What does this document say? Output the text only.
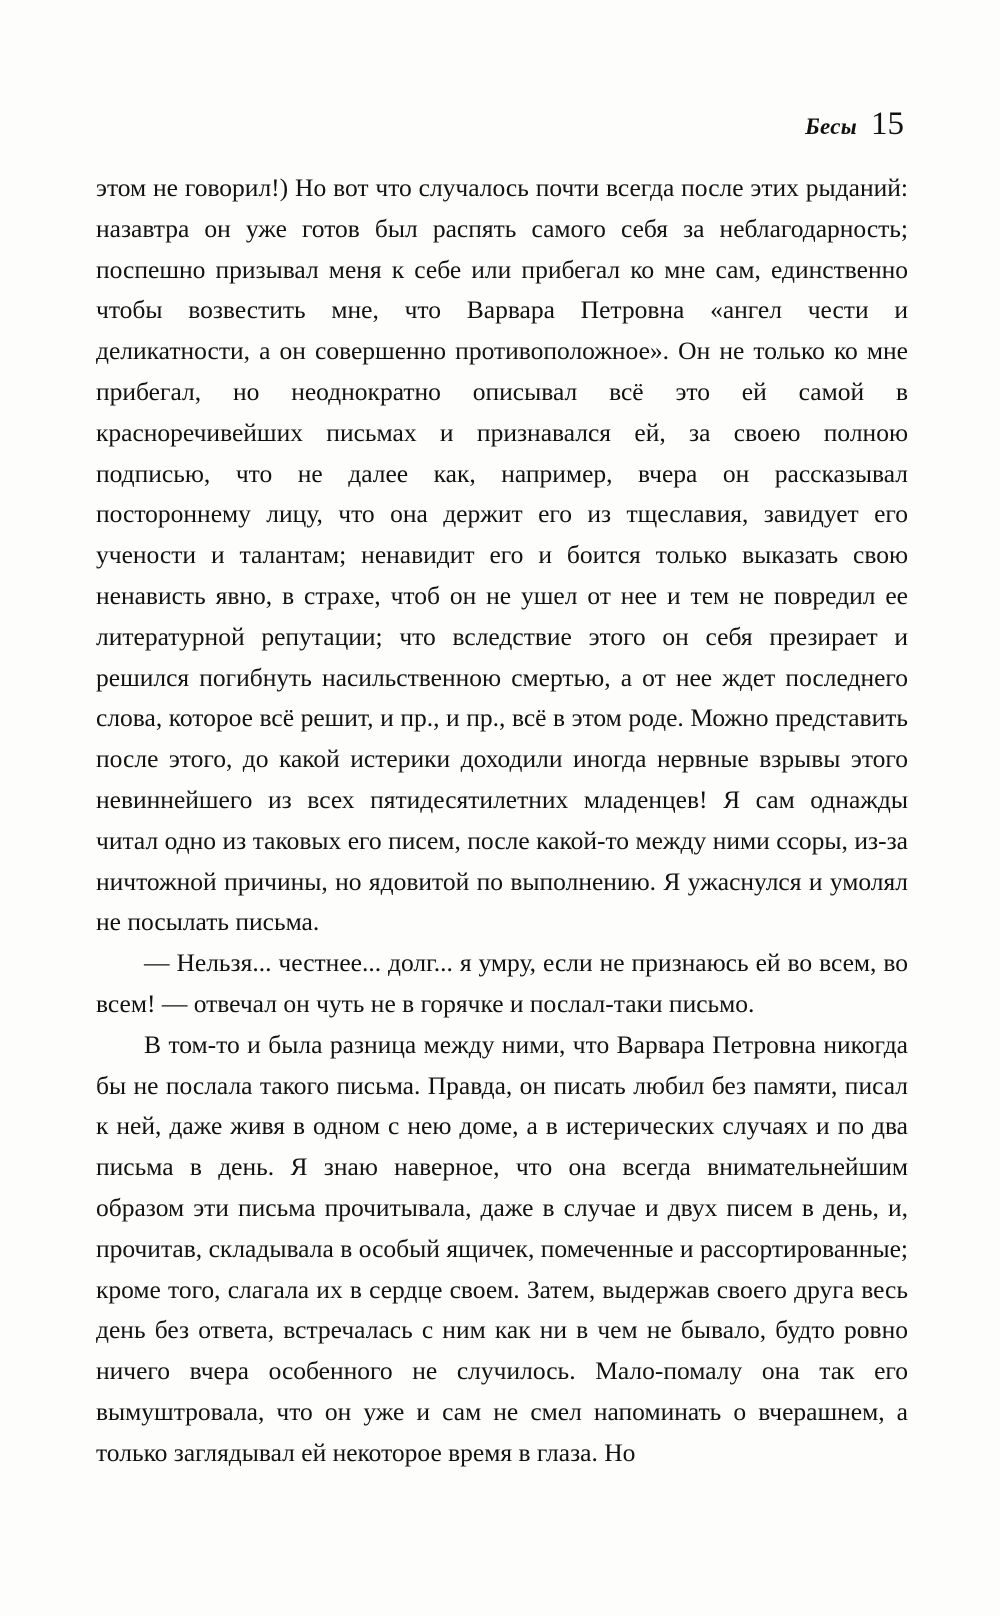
Бесы 15

этом не говорил!) Но вот что случалось почти всегда после этих рыданий: назавтра он уже готов был распять самого себя за неблагодарность; поспешно призывал меня к себе или прибегал ко мне сам, единственно чтобы возвестить мне, что Варвара Петровна «ангел чести и деликатности, а он совершенно противоположное». Он не только ко мне прибегал, но неоднократно описывал всё это ей самой в красноречивейших письмах и признавался ей, за своею полною подписью, что не далее как, например, вчера он рассказывал постороннему лицу, что она держит его из тщеславия, завидует его учености и талантам; ненавидит его и боится только выказать свою ненависть явно, в страхе, чтоб он не ушел от нее и тем не повредил ее литературной репутации; что вследствие этого он себя презирает и решился погибнуть насильственною смертью, а от нее ждет последнего слова, которое всё решит, и пр., и пр., всё в этом роде. Можно представить после этого, до какой истерики доходили иногда нервные взрывы этого невиннейшего из всех пятидесятилетних младенцев! Я сам однажды читал одно из таковых его писем, после какой-то между ними ссоры, из-за ничтожной причины, но ядовитой по выполнению. Я ужаснулся и умолял не посылать письма.

— Нельзя... честнее... долг... я умру, если не признаюсь ей во всем, во всем! — отвечал он чуть не в горячке и послал-таки письмо.

В том-то и была разница между ними, что Варвара Петровна никогда бы не послала такого письма. Правда, он писать любил без памяти, писал к ней, даже живя в одном с нею доме, а в истерических случаях и по два письма в день. Я знаю наверное, что она всегда внимательнейшим образом эти письма прочитывала, даже в случае и двух писем в день, и, прочитав, складывала в особый ящичек, помеченные и рассортированные; кроме того, слагала их в сердце своем. Затем, выдержав своего друга весь день без ответа, встречалась с ним как ни в чем не бывало, будто ровно ничего вчера особенного не случилось. Мало-помалу она так его вымуштровала, что он уже и сам не смел напоминать о вчерашнем, а только заглядывал ей некоторое время в глаза. Но
